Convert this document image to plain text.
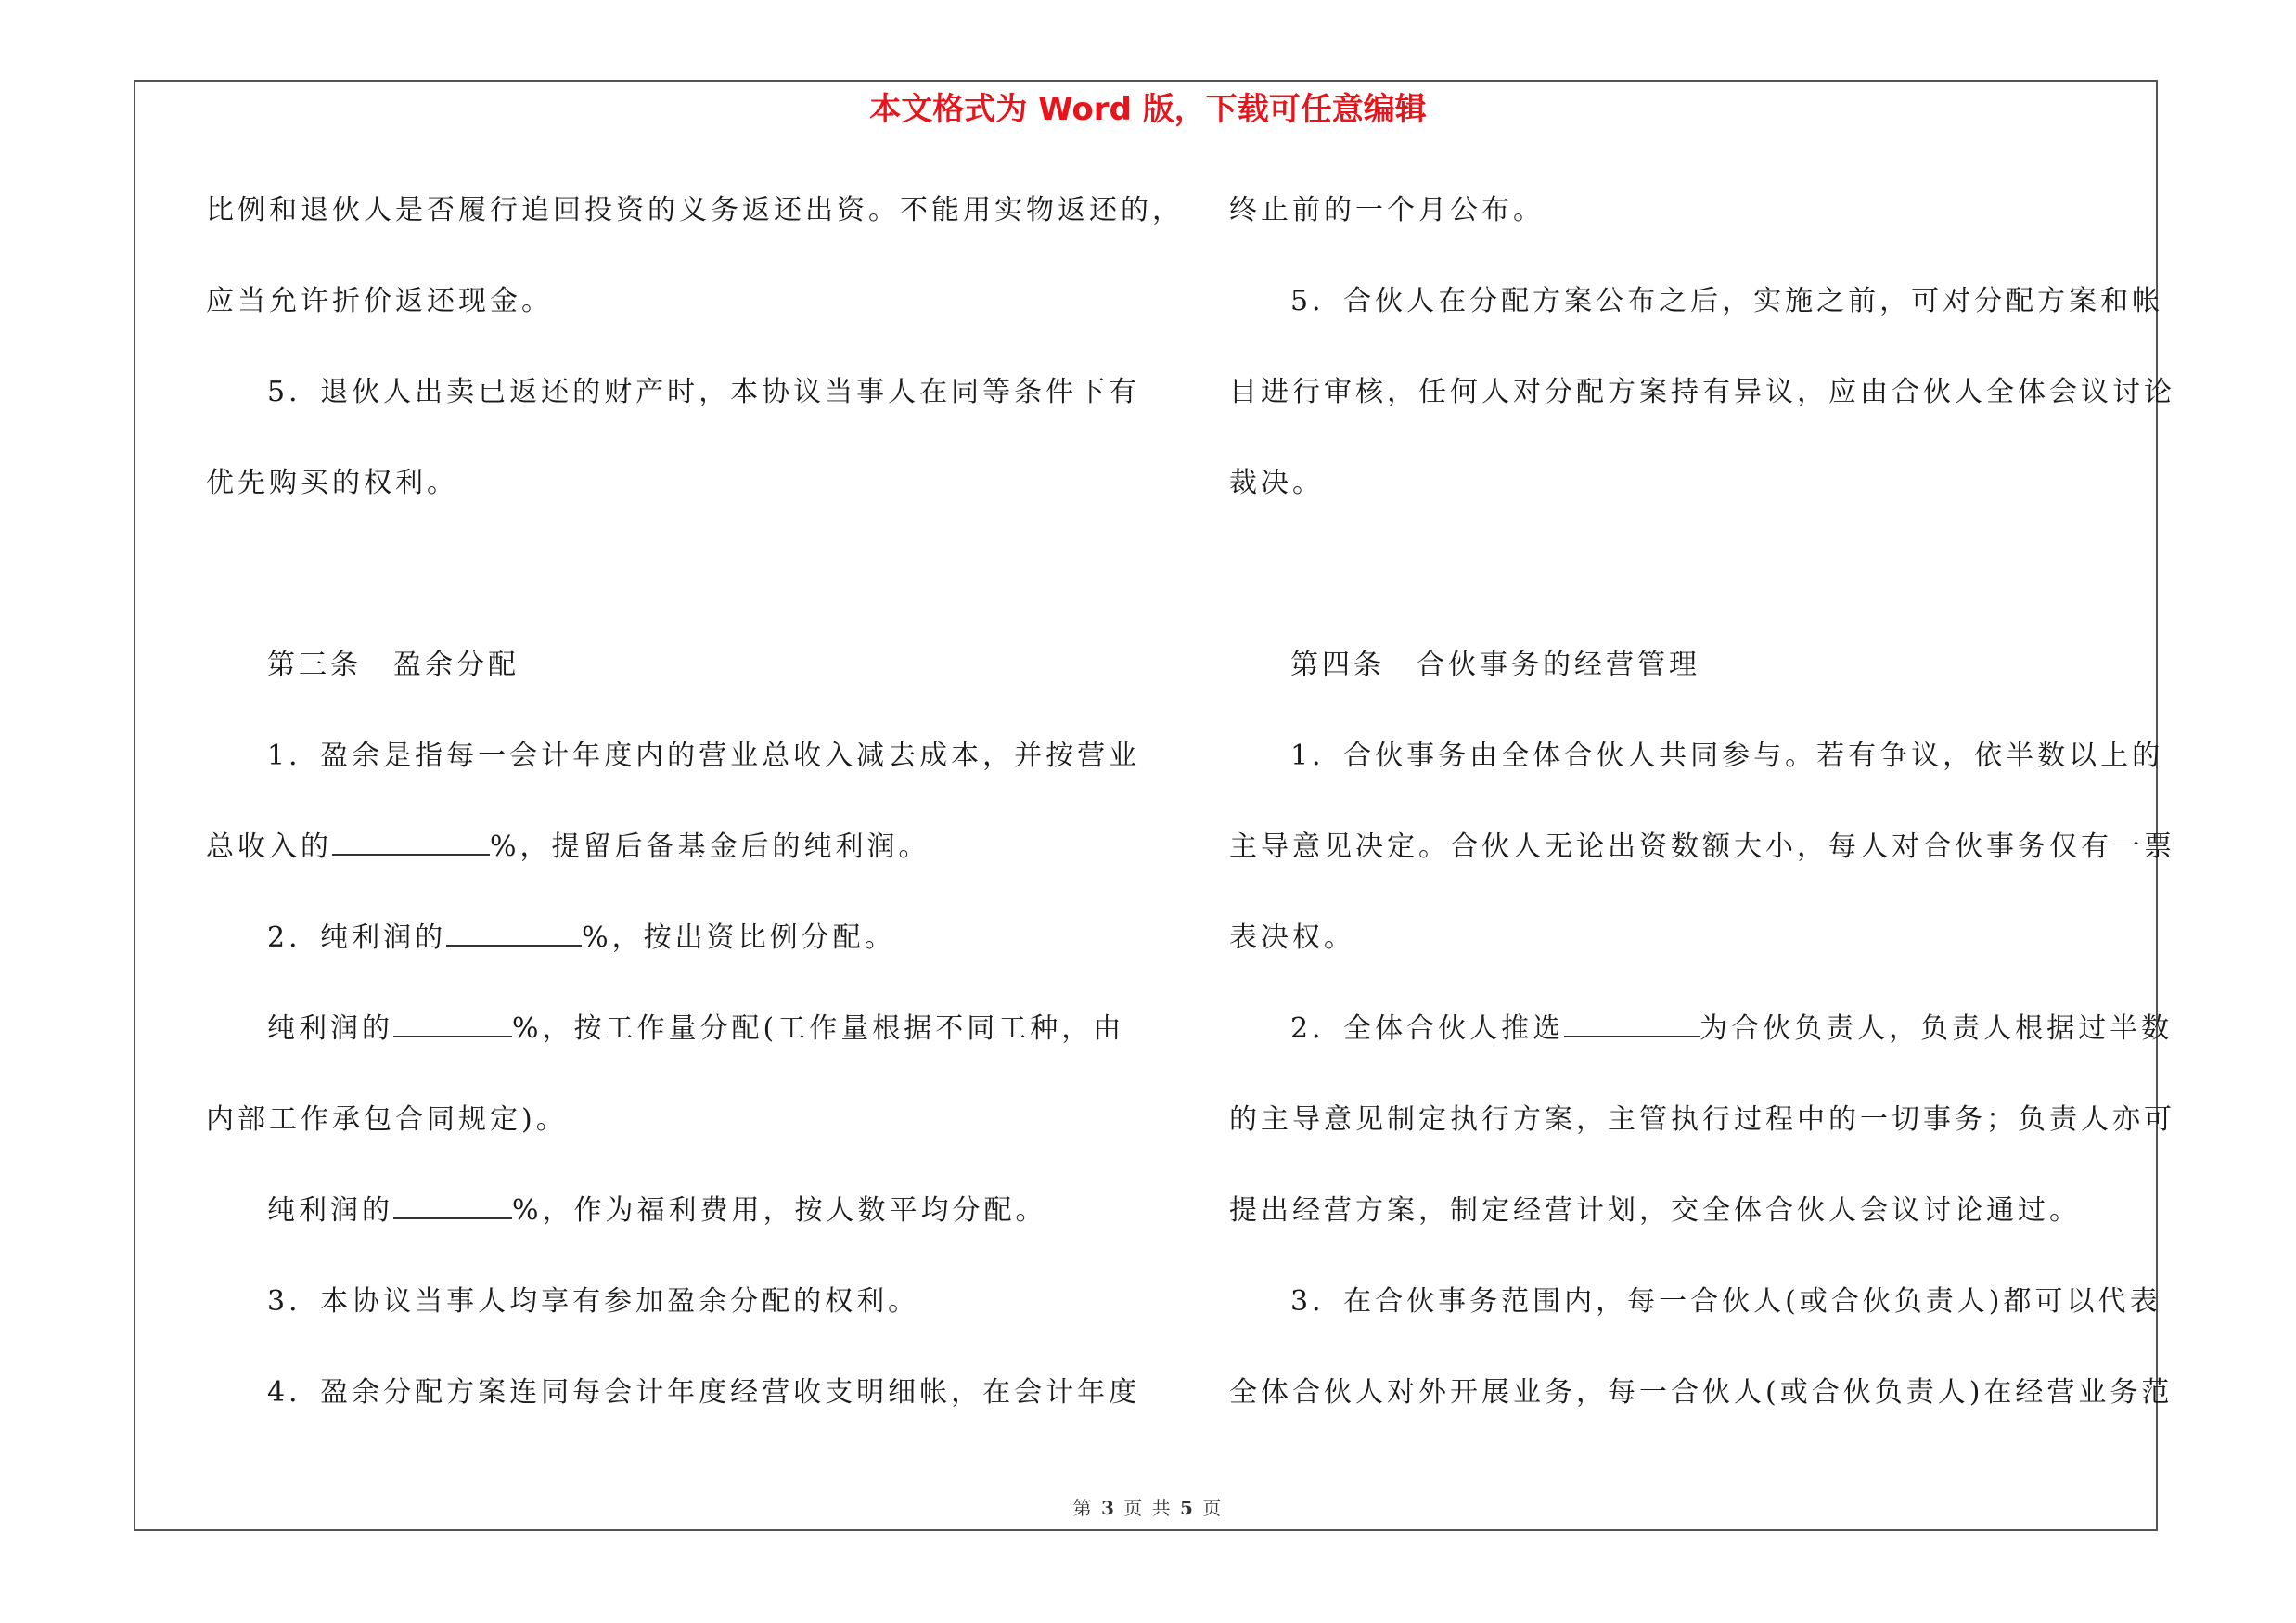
本文格式为 Word 版，下载可任意编辑

比例和退伙人是否履行追回投资的义务返还出资。不能用实物返还的，

应当允许折价返还现金。

5．退伙人出卖已返还的财产时，本协议当事人在同等条件下有

优先购买的权利。

第三条　盈余分配

1．盈余是指每一会计年度内的营业总收入减去成本，并按营业

总收入的	%，提留后备基金后的纯利润。

2．纯利润的	%，按出资比例分配。

纯利润的	%，按工作量分配(工作量根据不同工种，由

内部工作承包合同规定)。

纯利润的	%，作为福利费用，按人数平均分配。

3．本协议当事人均享有参加盈余分配的权利。

4．盈余分配方案连同每会计年度经营收支明细帐，在会计年度

终止前的一个月公布。

5．合伙人在分配方案公布之后，实施之前，可对分配方案和帐

目进行审核，任何人对分配方案持有异议，应由合伙人全体会议讨论

裁决。

第四条　合伙事务的经营管理

1．合伙事务由全体合伙人共同参与。若有争议，依半数以上的

主导意见决定。合伙人无论出资数额大小，每人对合伙事务仅有一票

表决权。

2．全体合伙人推选	为合伙负责人，负责人根据过半数

的主导意见制定执行方案，主管执行过程中的一切事务；负责人亦可

提出经营方案，制定经营计划，交全体合伙人会议讨论通过。

3．在合伙事务范围内，每一合伙人(或合伙负责人)都可以代表

全体合伙人对外开展业务，每一合伙人(或合伙负责人)在经营业务范

第 3 页 共 5 页
